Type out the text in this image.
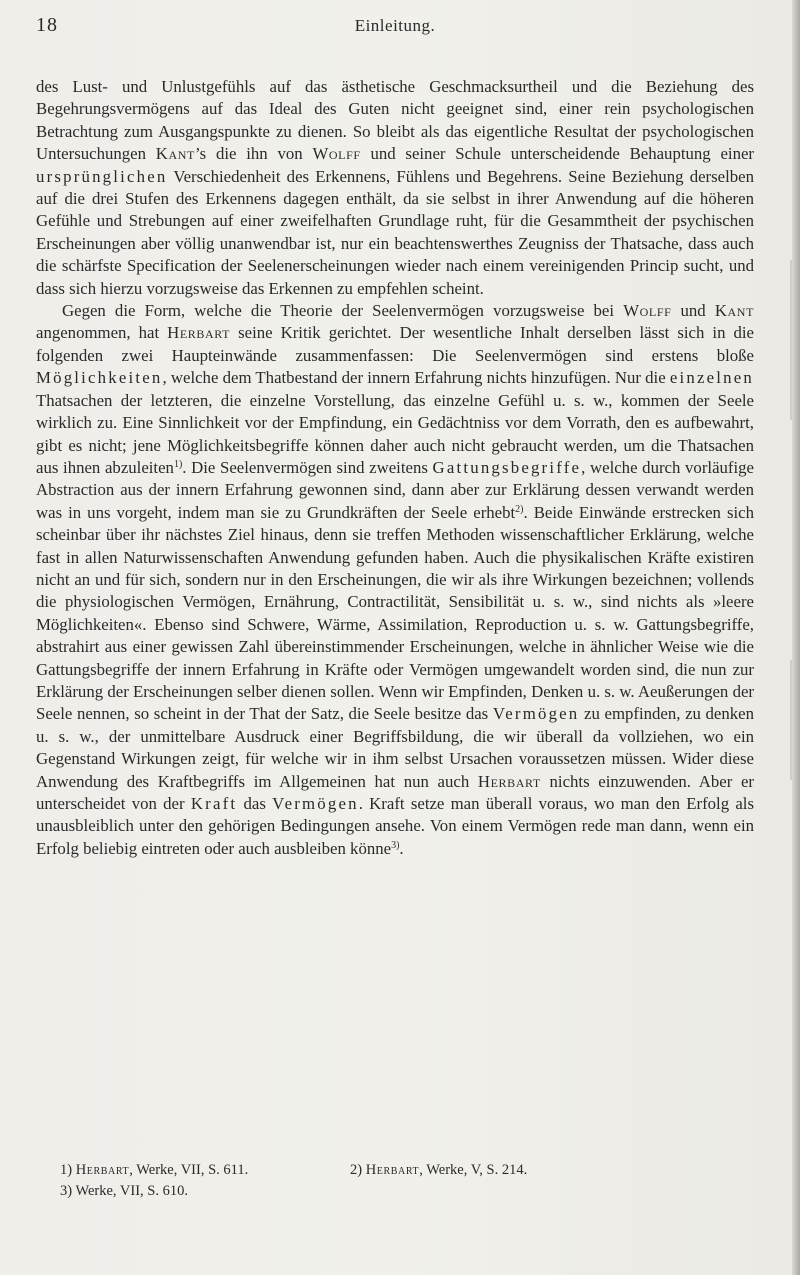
18	Einleitung.

des Lust- und Unlustgefühls auf das ästhetische Geschmacksurtheil und die Beziehung des Begehrungsvermögens auf das Ideal des Guten nicht geeignet sind, einer rein psychologischen Betrachtung zum Ausgangspunkte zu dienen. So bleibt als das eigentliche Resultat der psychologischen Untersuchungen Kant’s die ihn von Wolff und seiner Schule unterscheidende Behauptung einer ursprünglichen Verschiedenheit des Erkennens, Fühlens und Begehrens. Seine Beziehung derselben auf die drei Stufen des Erkennens dagegen enthält, da sie selbst in ihrer Anwendung auf die höheren Gefühle und Strebungen auf einer zweifelhaften Grundlage ruht, für die Gesammtheit der psychischen Erscheinungen aber völlig unanwendbar ist, nur ein beachtenswerthes Zeugniss der Thatsache, dass auch die schärfste Specification der Seelenerscheinungen wieder nach einem vereinigenden Princip sucht, und dass sich hierzu vorzugsweise das Erkennen zu empfehlen scheint.

Gegen die Form, welche die Theorie der Seelenvermögen vorzugsweise bei Wolff und Kant angenommen, hat Herbart seine Kritik gerichtet. Der wesentliche Inhalt derselben lässt sich in die folgenden zwei Haupteinwände zusammenfassen: Die Seelenvermögen sind erstens bloße Möglichkeiten, welche dem Thatbestand der innern Erfahrung nichts hinzufügen. Nur die einzelnen Thatsachen der letzteren, die einzelne Vorstellung, das einzelne Gefühl u. s. w., kommen der Seele wirklich zu. Eine Sinnlichkeit vor der Empfindung, ein Gedächtniss vor dem Vorrath, den es aufbewahrt, gibt es nicht; jene Möglichkeitsbegriffe können daher auch nicht gebraucht werden, um die Thatsachen aus ihnen abzuleiten$^{1)}$. Die Seelenvermögen sind zweitens Gattungsbegriffe, welche durch vorläufige Abstraction aus der innern Erfahrung gewonnen sind, dann aber zur Erklärung dessen verwandt werden was in uns vorgeht, indem man sie zu Grundkräften der Seele erhebt$^{2)}$. Beide Einwände erstrecken sich scheinbar über ihr nächstes Ziel hinaus, denn sie treffen Methoden wissenschaftlicher Erklärung, welche fast in allen Naturwissenschaften Anwendung gefunden haben. Auch die physikalischen Kräfte existiren nicht an und für sich, sondern nur in den Erscheinungen, die wir als ihre Wirkungen bezeichnen; vollends die physiologischen Vermögen, Ernährung, Contractilität, Sensibilität u. s. w., sind nichts als »leere Möglichkeiten«. Ebenso sind Schwere, Wärme, Assimilation, Reproduction u. s. w. Gattungsbegriffe, abstrahirt aus einer gewissen Zahl übereinstimmender Erscheinungen, welche in ähnlicher Weise wie die Gattungsbegriffe der innern Erfahrung in Kräfte oder Vermögen umgewandelt worden sind, die nun zur Erklärung der Erscheinungen selber dienen sollen. Wenn wir Empfinden, Denken u. s. w. Aeußerungen der Seele nennen, so scheint in der That der Satz, die Seele besitze das Vermögen zu empfinden, zu denken u. s. w., der unmittelbare Ausdruck einer Begriffsbildung, die wir überall da vollziehen, wo ein Gegenstand Wirkungen zeigt, für welche wir in ihm selbst Ursachen voraussetzen müssen. Wider diese Anwendung des Kraftbegriffs im Allgemeinen hat nun auch Herbart nichts einzuwenden. Aber er unterscheidet von der Kraft das Vermögen. Kraft setze man überall voraus, wo man den Erfolg als unausbleiblich unter den gehörigen Bedingungen ansehe. Von einem Vermögen rede man dann, wenn ein Erfolg beliebig eintreten oder auch ausbleiben könne$^{3)}$.

1) Herbart, Werke, VII, S. 611.	2) Herbart, Werke, V, S. 214.
3) Werke, VII, S. 610.
